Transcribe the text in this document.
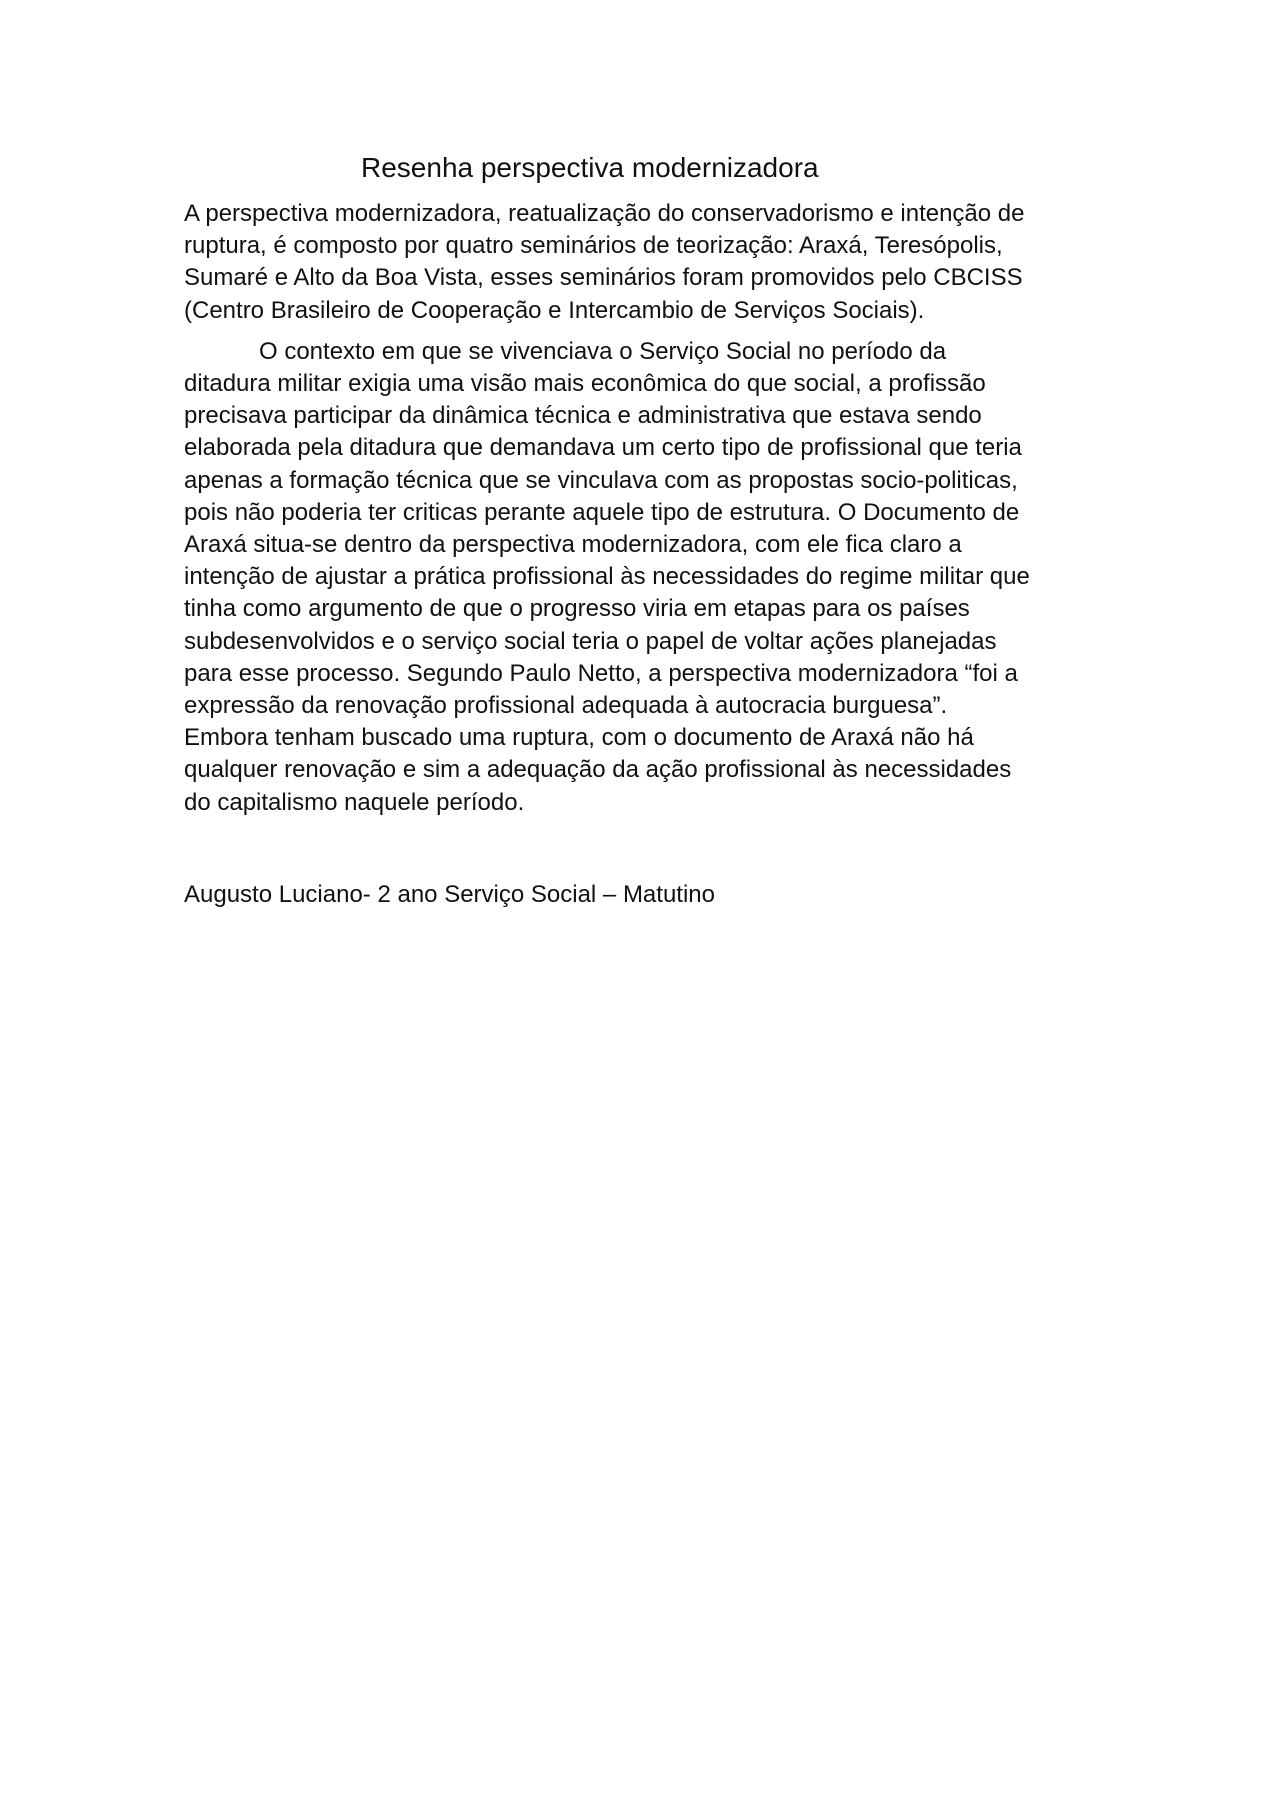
Resenha perspectiva modernizadora

A perspectiva modernizadora, reatualização do conservadorismo e intenção de
ruptura, é composto por quatro seminários de teorização: Araxá, Teresópolis,
Sumaré e Alto da Boa Vista, esses seminários foram promovidos pelo CBCISS
(Centro Brasileiro de Cooperação e Intercambio de Serviços Sociais).

O contexto em que se vivenciava o Serviço Social no período da
ditadura militar exigia uma visão mais econômica do que social, a profissão
precisava participar da dinâmica técnica e administrativa que estava sendo
elaborada pela ditadura que demandava um certo tipo de profissional que teria
apenas a formação técnica que se vinculava com as propostas socio-politicas,
pois não poderia ter criticas perante aquele tipo de estrutura. O Documento de
Araxá situa-se dentro da perspectiva modernizadora, com ele fica claro a
intenção de ajustar a prática profissional às necessidades do regime militar que
tinha como argumento de que o progresso viria em etapas para os países
subdesenvolvidos e o serviço social teria o papel de voltar ações planejadas
para esse processo. Segundo Paulo Netto, a perspectiva modernizadora “foi a
expressão da renovação profissional adequada à autocracia burguesa”.
Embora tenham buscado uma ruptura, com o documento de Araxá não há
qualquer renovação e sim a adequação da ação profissional às necessidades
do capitalismo naquele período.

Augusto Luciano- 2 ano Serviço Social – Matutino
